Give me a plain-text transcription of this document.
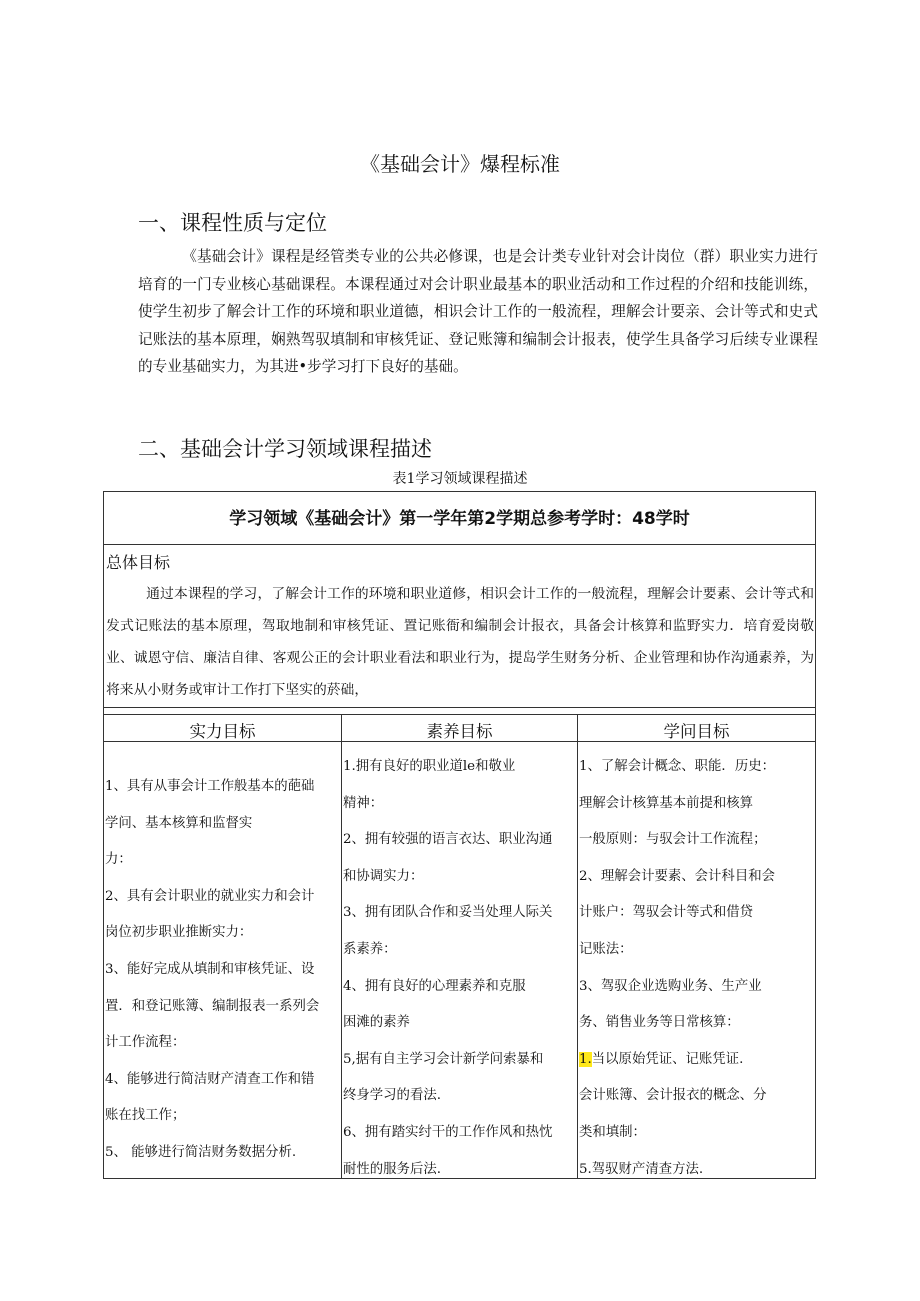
《基础会计》爆程标准
一、课程性质与定位
《基础会计》课程是经管类专业的公共必修课，也是会计类专业针对会计岗位（群）职业实力进行培育的一门专业核心基础课程。本课程通过对会计职业最基本的职业活动和工作过程的介绍和技能训练，使学生初步了解会计工作的环境和职业道德，相识会计工作的一般流程，理解会计要亲、会计等式和史式记账法的基本原理，娴熟驾驭填制和审核凭证、登记账簿和编制会计报表，使学生具备学习后续专业课程的专业基础实力，为其进•步学习打下良好的基础。
二、基础会计学习领域课程描述
表1学习领域课程描述
学习领域《基础会计》第一学年第2学期总参考学时：48学时
总体目标
通过本课程的学习，了解会计工作的环境和职业道修，相识会计工作的一般流程，理解会计要素、会计等式和发式记账法的基本原理，驾取地制和审核凭证、置记账衙和编制会计报衣，具备会计核算和监野实力．培育爱岗敬业、诚恩守信、廉洁自律、客观公正的会计职业看法和职业行为，提岛学生财务分析、企业管理和协作沟通素养，为将来从小财务或审计工作打下坚实的菸础，
实力目标	素养目标	学问目标
1、具有从事会计工作般基本的葩础
学问、基本核算和监督实
力：
2、具有会计职业的就业实力和会计
岗位初步职业推断实力：
3、能好完成从填制和审核凭证、设
置．和登记账簿、编制报表一系列会
计工作流程：
4、能够进行简洁财产清查工作和错
账在找工作；
5、 能够进行简洁财务数据分析.
1.拥有良好的职业道le和敬业
精神：
2、拥有较强的语言衣达、职业沟通
和协调实力：
3、拥有团队合作和妥当处理人际关
系素养：
4、拥有良好的心理素养和克服
困滩的素养
5,据有自主学习会计新学问索暴和
终身学习的看法.
6、拥有踏实纣干的工作作风和热忱
耐性的服务后法.
1、了解会计概念、职能．历史：
理解会计核算基本前提和核算
一般原则：与驭会计工作流程；
2、理解会计要素、会计科目和会
计账户：驾驭会计等式和借贷
记账法：
3、驾驭企业选购业务、生产业
务、销售业务等日常核算：
1.当以原始凭证、记账凭证.
会计账簿、会计报衣的概念、分
类和填制：
5.驾驭财产清查方法.
